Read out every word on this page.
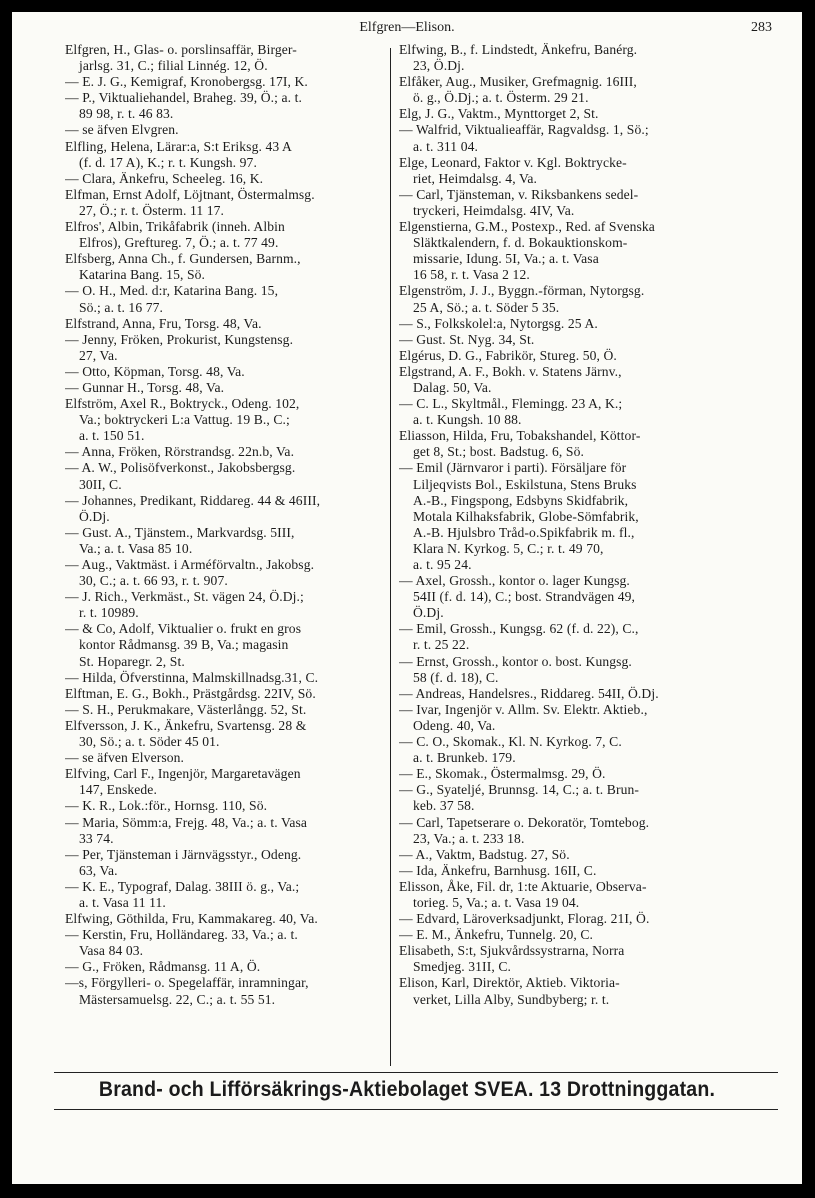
Elfgren—Elison.	283
Elfgren, H., Glas- o. porslinsaffär, Birger-
jarlsg. 31, C.; filial Linnég. 12, Ö.
— E. J. G., Kemigraf, Kronobergsg. 17I, K.
— P., Viktualiehandel, Braheg. 39, Ö.; a. t.
89 98, r. t. 46 83.
— se äfven Elvgren.
Elfling, Helena, Lärar:a, S:t Eriksg. 43 A
(f. d. 17 A), K.; r. t. Kungsh. 97.
— Clara, Änkefru, Scheeleg. 16, K.
Elfman, Ernst Adolf, Löjtnant, Östermalmsg.
27, Ö.; r. t. Österm. 11 17.
Elfros', Albin, Trikåfabrik (inneh. Albin
Elfros), Greftureg. 7, Ö.; a. t. 77 49.
Elfsberg, Anna Ch., f. Gundersen, Barnm.,
Katarina Bang. 15, Sö.
— O. H., Med. d:r, Katarina Bang. 15,
Sö.; a. t. 16 77.
Elfstrand, Anna, Fru, Torsg. 48, Va.
— Jenny, Fröken, Prokurist, Kungstensg.
27, Va.
— Otto, Köpman, Torsg. 48, Va.
— Gunnar H., Torsg. 48, Va.
Elfström, Axel R., Boktryck., Odeng. 102,
Va.; boktryckeri L:a Vattug. 19 B., C.;
a. t. 150 51.
— Anna, Fröken, Rörstrandsg. 22n.b, Va.
— A. W., Polisöfverkonst., Jakobsbergsg.
30II, C.
— Johannes, Predikant, Riddareg. 44 & 46III,
Ö.Dj.
— Gust. A., Tjänstem., Markvardsg. 5III,
Va.; a. t. Vasa 85 10.
— Aug., Vaktmäst. i Arméförvaltn., Jakobsg.
30, C.; a. t. 66 93, r. t. 907.
— J. Rich., Verkmäst., St. vägen 24, Ö.Dj.;
r. t. 10989.
— & Co, Adolf, Viktualier o. frukt en gros
kontor Rådmansg. 39 B, Va.; magasin
St. Hoparegr. 2, St.
— Hilda, Öfverstinna, Malmskillnadsg.31, C.
Elftman, E. G., Bokh., Prästgårdsg. 22IV, Sö.
— S. H., Perukmakare, Västerlångg. 52, St.
Elfversson, J. K., Änkefru, Svartensg. 28 &
30, Sö.; a. t. Söder 45 01.
— se äfven Elverson.
Elfving, Carl F., Ingenjör, Margaretavägen
147, Enskede.
— K. R., Lok.:för., Hornsg. 110, Sö.
— Maria, Sömm:a, Frejg. 48, Va.; a. t. Vasa
33 74.
— Per, Tjänsteman i Järnvägsstyr., Odeng.
63, Va.
— K. E., Typograf, Dalag. 38III ö. g., Va.;
a. t. Vasa 11 11.
Elfwing, Göthilda, Fru, Kammakareg. 40, Va.
— Kerstin, Fru, Holländareg. 33, Va.; a. t.
Vasa 84 03.
— G., Fröken, Rådmansg. 11 A, Ö.
—s, Förgylleri- o. Spegelaffär, inramningar,
Mästersamuelsg. 22, C.; a. t. 55 51.
Elfwing, B., f. Lindstedt, Änkefru, Banérg.
23, Ö.Dj.
Elfåker, Aug., Musiker, Grefmagnig. 16III,
ö. g., Ö.Dj.; a. t. Österm. 29 21.
Elg, J. G., Vaktm., Mynttorget 2, St.
— Walfrid, Viktualieaffär, Ragvaldsg. 1, Sö.;
a. t. 311 04.
Elge, Leonard, Faktor v. Kgl. Boktrycke-
riet, Heimdalsg. 4, Va.
— Carl, Tjänsteman, v. Riksbankens sedel-
tryckeri, Heimdalsg. 4IV, Va.
Elgenstierna, G.M., Postexp., Red. af Svenska
Släktkalendern, f. d. Bokauktionskom-
missarie, Idung. 5I, Va.; a. t. Vasa
16 58, r. t. Vasa 2 12.
Elgenström, J. J., Byggn.-förman, Nytorgsg.
25 A, Sö.; a. t. Söder 5 35.
— S., Folkskolel:a, Nytorgsg. 25 A.
— Gust. St. Nyg. 34, St.
Elgérus, D. G., Fabrikör, Stureg. 50, Ö.
Elgstrand, A. F., Bokh. v. Statens Järnv.,
Dalag. 50, Va.
— C. L., Skyltmål., Flemingg. 23 A, K.;
a. t. Kungsh. 10 88.
Eliasson, Hilda, Fru, Tobakshandel, Köttor-
get 8, St.; bost. Badstug. 6, Sö.
— Emil (Järnvaror i parti). Försäljare för
Liljeqvists Bol., Eskilstuna, Stens Bruks
A.-B., Fingspong, Edsbyns Skidfabrik,
Motala Kilhaksfabrik, Globe-Sömfabrik,
A.-B. Hjulsbro Tråd-o.Spikfabrik m. fl.,
Klara N. Kyrkog. 5, C.; r. t. 49 70,
a. t. 95 24.
— Axel, Grossh., kontor o. lager Kungsg.
54II (f. d. 14), C.; bost. Strandvägen 49,
Ö.Dj.
— Emil, Grossh., Kungsg. 62 (f. d. 22), C.,
r. t. 25 22.
— Ernst, Grossh., kontor o. bost. Kungsg.
58 (f. d. 18), C.
— Andreas, Handelsres., Riddareg. 54II, Ö.Dj.
— Ivar, Ingenjör v. Allm. Sv. Elektr. Aktieb.,
Odeng. 40, Va.
— C. O., Skomak., Kl. N. Kyrkog. 7, C.
a. t. Brunkeb. 179.
— E., Skomak., Östermalmsg. 29, Ö.
— G., Syateljé, Brunnsg. 14, C.; a. t. Brun-
keb. 37 58.
— Carl, Tapetserare o. Dekoratör, Tomtebog.
23, Va.; a. t. 233 18.
— A., Vaktm, Badstug. 27, Sö.
— Ida, Änkefru, Barnhusg. 16II, C.
Elisson, Åke, Fil. dr, 1:te Aktuarie, Observa-
torieg. 5, Va.; a. t. Vasa 19 04.
— Edvard, Läroverksadjunkt, Florag. 21I, Ö.
— E. M., Änkefru, Tunnelg. 20, C.
Elisabeth, S:t, Sjukvårdssystrarna, Norra
Smedjeg. 31II, C.
Elison, Karl, Direktör, Aktieb. Viktoria-
verket, Lilla Alby, Sundbyberg; r. t.
Brand- och Lifförsäkrings-Aktiebolaget SVEA. 13 Drottninggatan.
